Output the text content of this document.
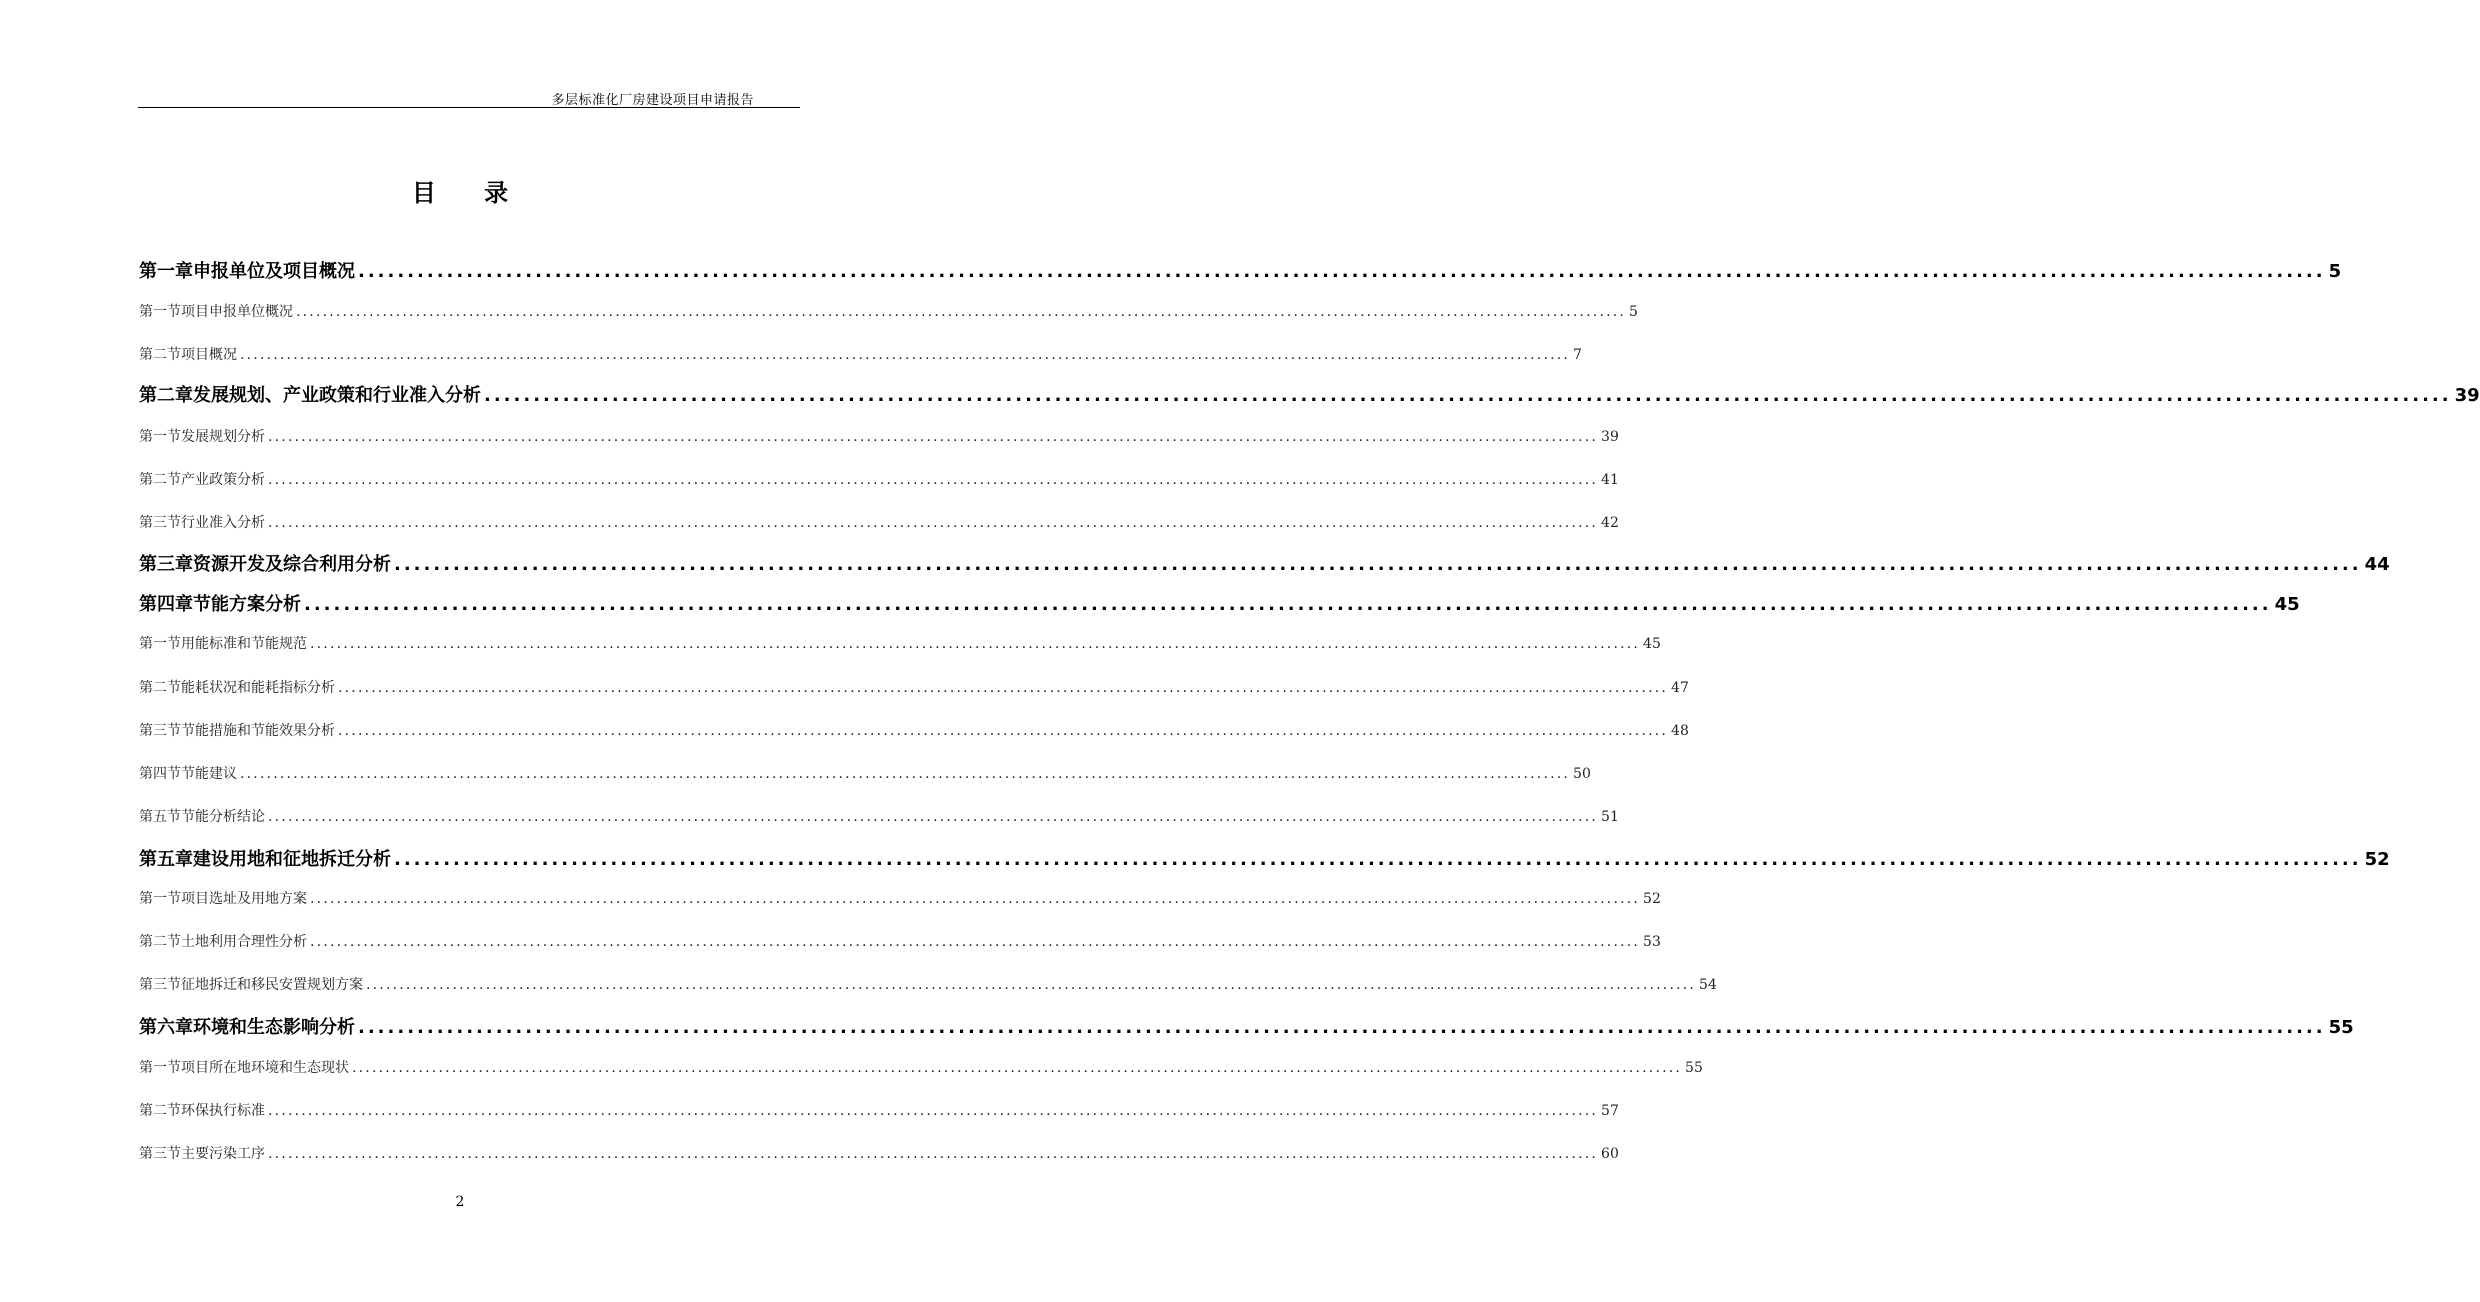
多层标准化厂房建设项目申请报告
目 录
第一章 申报单位及项目概况 ........................................................................................................................................................................................................ 5
第一节 项目申报单位概况 ........................................................................................................................................................................................................ 5
第二节 项目概况 ........................................................................................................................................................................................................ 7
第二章 发展规划、产业政策和行业准入分析 ........................................................................................................................................................................................................ 39
第一节 发展规划分析 ........................................................................................................................................................................................................ 39
第二节 产业政策分析 ........................................................................................................................................................................................................ 41
第三节 行业准入分析 ........................................................................................................................................................................................................ 42
第三章 资源开发及综合利用分析 ........................................................................................................................................................................................................ 44
第四章 节能方案分析 ........................................................................................................................................................................................................ 45
第一节 用能标准和节能规范 ........................................................................................................................................................................................................ 45
第二节 能耗状况和能耗指标分析 ........................................................................................................................................................................................................ 47
第三节 节能措施和节能效果分析 ........................................................................................................................................................................................................ 48
第四节 节能建议 ........................................................................................................................................................................................................ 50
第五节 节能分析结论 ........................................................................................................................................................................................................ 51
第五章 建设用地和征地拆迁分析 ........................................................................................................................................................................................................ 52
第一节 项目选址及用地方案 ........................................................................................................................................................................................................ 52
第二节 土地利用合理性分析 ........................................................................................................................................................................................................ 53
第三节 征地拆迁和移民安置规划方案 ........................................................................................................................................................................................................ 54
第六章 环境和生态影响分析 ........................................................................................................................................................................................................ 55
第一节 项目所在地环境和生态现状 ........................................................................................................................................................................................................ 55
第二节 环保执行标准 ........................................................................................................................................................................................................ 57
第三节 主要污染工序 ........................................................................................................................................................................................................ 60
2
